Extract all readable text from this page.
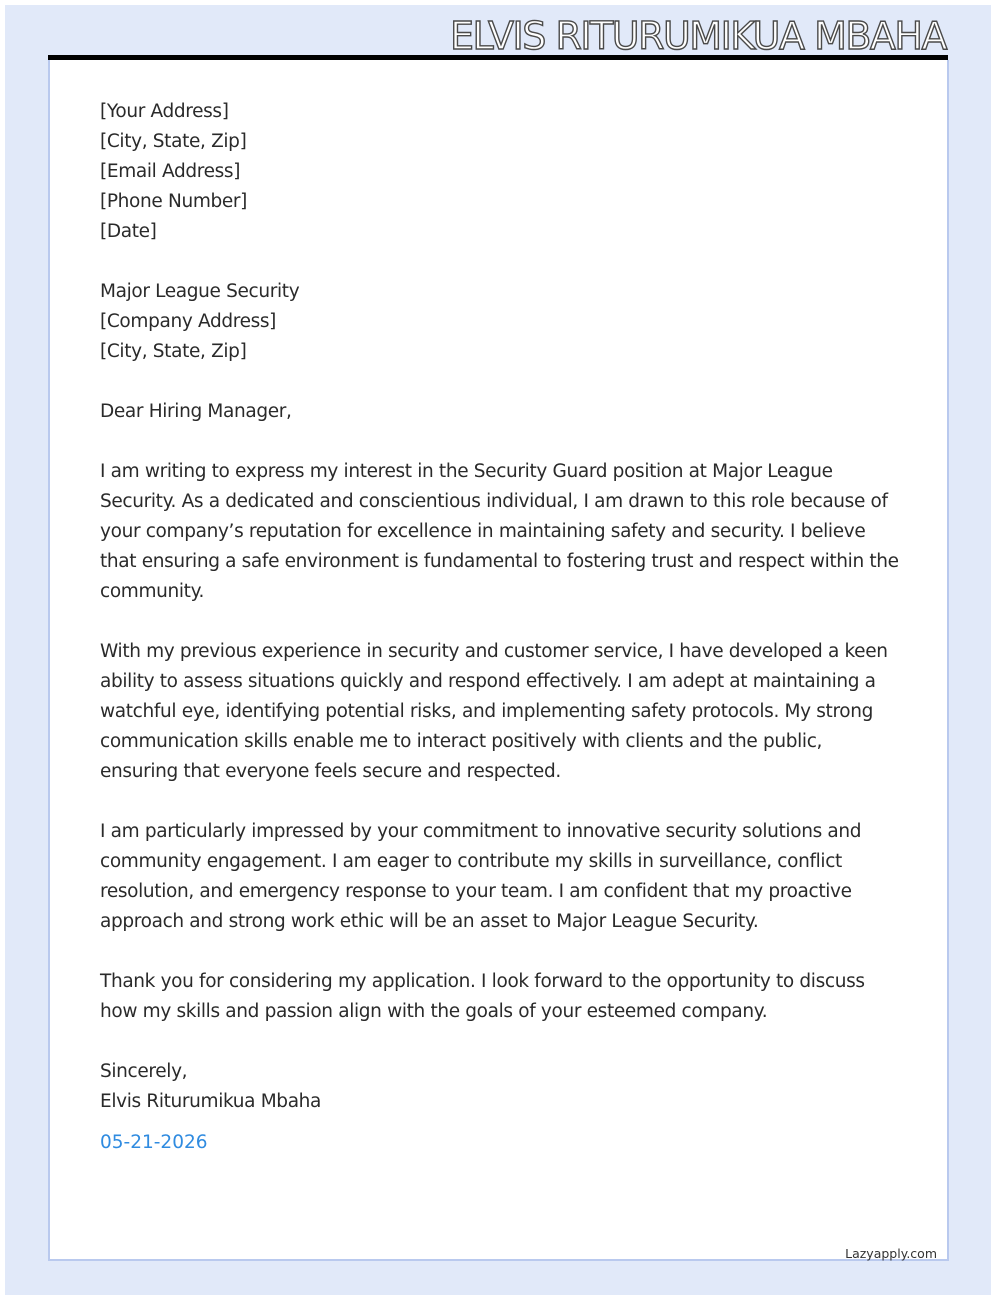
ELVIS RITURUMIKUA MBAHA

[Your Address]

[City, State, Zip]

[Email Address]

[Phone Number]

[Date]

Major League Security

[Company Address]

[City, State, Zip]

Dear Hiring Manager,

I am writing to express my interest in the Security Guard position at Major League Security. As a dedicated and conscientious individual, I am drawn to this role because of your company’s reputation for excellence in maintaining safety and security. I believe that ensuring a safe environment is fundamental to fostering trust and respect within the community.

With my previous experience in security and customer service, I have developed a keen ability to assess situations quickly and respond effectively. I am adept at maintaining a watchful eye, identifying potential risks, and implementing safety protocols. My strong communication skills enable me to interact positively with clients and the public, ensuring that everyone feels secure and respected.

I am particularly impressed by your commitment to innovative security solutions and community engagement. I am eager to contribute my skills in surveillance, conflict resolution, and emergency response to your team. I am confident that my proactive approach and strong work ethic will be an asset to Major League Security.

Thank you for considering my application. I look forward to the opportunity to discuss how my skills and passion align with the goals of your esteemed company.

Sincerely,

Elvis Riturumikua Mbaha

05-21-2026
Lazyapply.com
